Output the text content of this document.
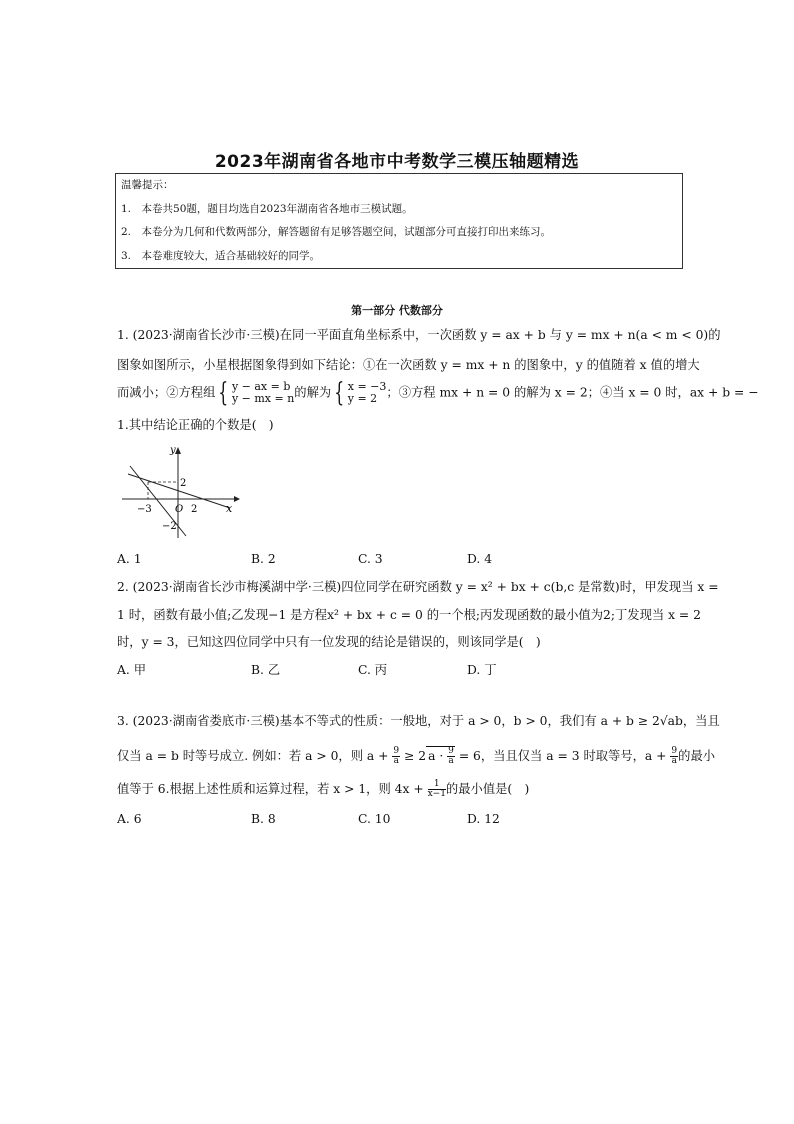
2023年湖南省各地市中考数学三模压轴题精选
温馨提示：
1.　本卷共50题，题目均选自2023年湖南省各地市三模试题。
2.　本卷分为几何和代数两部分，解答题留有足够答题空间，试题部分可直接打印出来练习。
3.　本卷难度较大，适合基础较好的同学。
第一部分 代数部分
1. (2023·湖南省长沙市·三模)在同一平面直角坐标系中，一次函数 y = ax + b 与 y = mx + n(a < m < 0)的
图象如图所示，小星根据图象得到如下结论：①在一次函数 y = mx + n 的图象中，y 的值随着 x 值的增大
而减小；②方程组 { y − ax = b
y − mx = n 的解为 { x = −3
y = 2 ；③方程 mx + n = 0 的解为 x = 2；④当 x = 0 时，ax + b = −
1.其中结论正确的个数是(　)
y
x
2
−3 O 2
−2
A. 1	B. 2	C. 3	D. 4
2. (2023·湖南省长沙市梅溪湖中学·三模)四位同学在研究函数 y = x² + bx + c(b,c 是常数)时，甲发现当 x =
1 时，函数有最小值;乙发现−1 是方程x² + bx + c = 0 的一个根;丙发现函数的最小值为2;丁发现当 x = 2
时，y = 3，已知这四位同学中只有一位发现的结论是错误的，则该同学是(　)
A. 甲	B. 乙	C. 丙	D. 丁
3. (2023·湖南省娄底市·三模)基本不等式的性质：一般地，对于 a > 0，b > 0，我们有 a + b ≥ 2√ab，当且
仅当 a = b 时等号成立. 例如：若 a > 0，则 $a + \frac{9}{a} \ge 2$ $a \cdot \frac{9}{a} = 6$，当且仅当 a = 3 时取等号，$a + \frac{9}{a}$ 的最小
值等于 6.根据上述性质和运算过程，若 x > 1，则 $4x + \frac{1}{x-1}$ 的最小值是(　)
A. 6	B. 8	C. 10	D. 12
